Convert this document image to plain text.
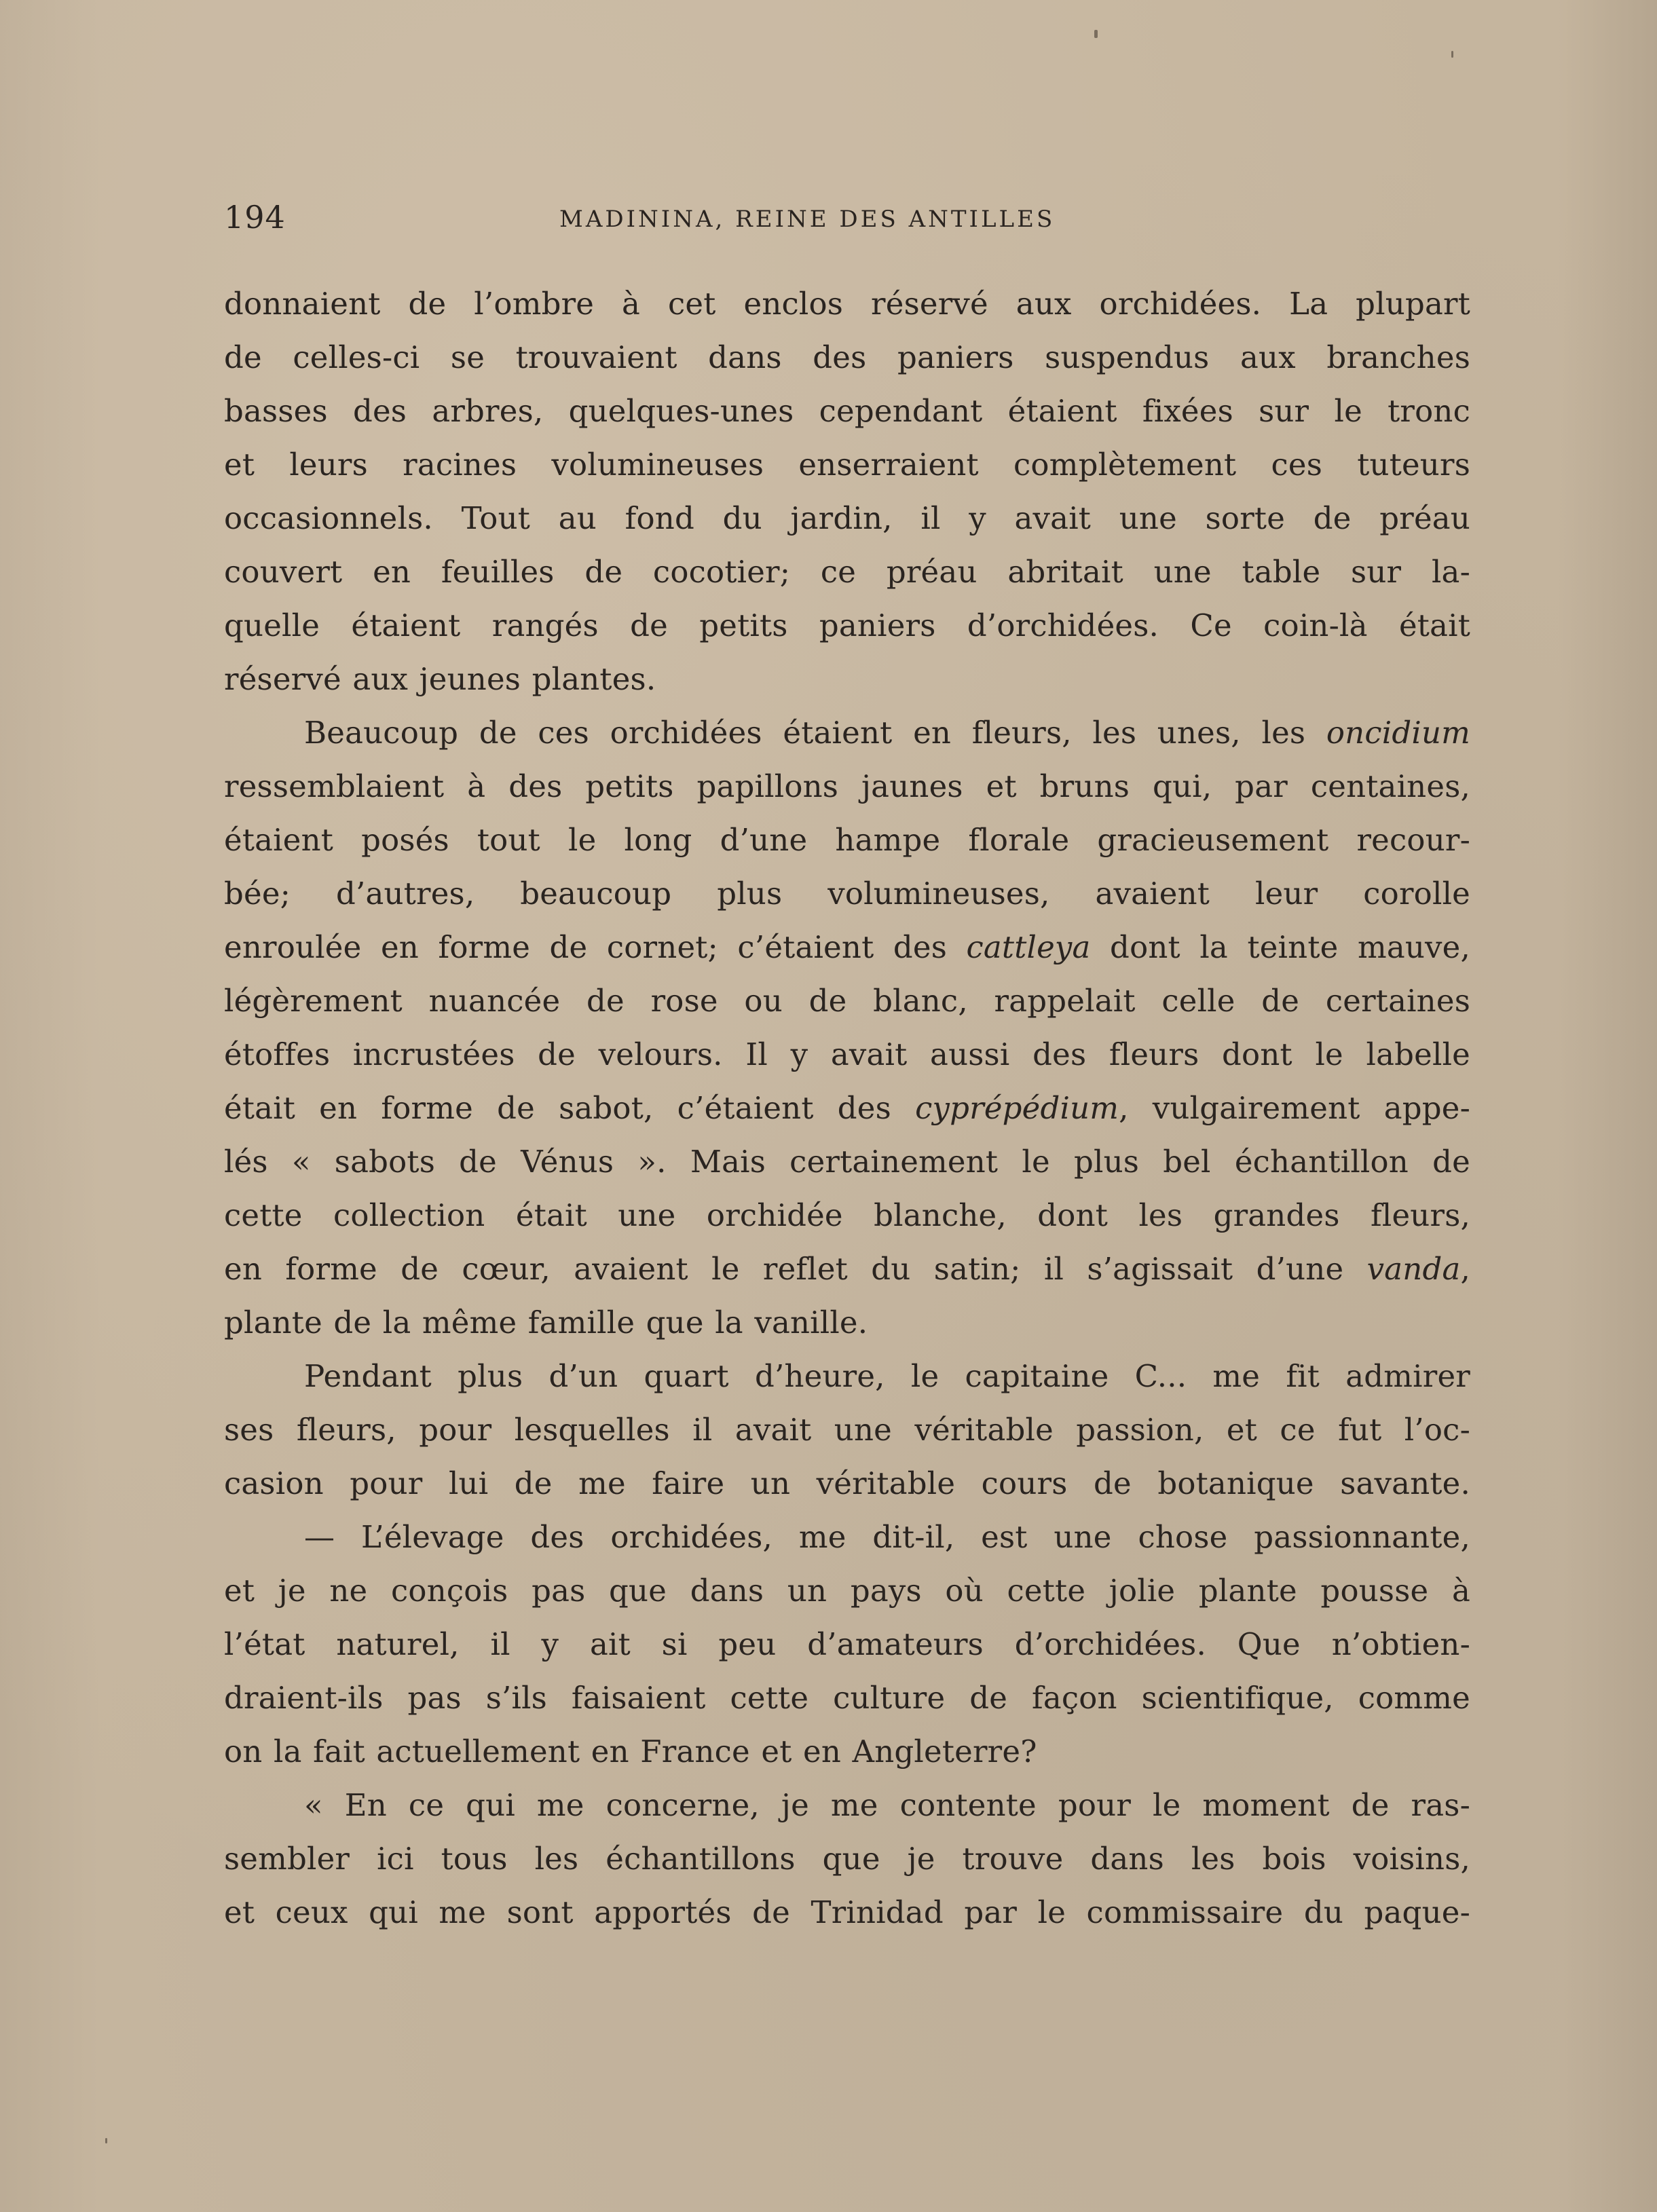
194	MADININA, REINE DES ANTILLES

donnaient de l’ombre à cet enclos réservé aux orchidées. La plupart
de celles-ci se trouvaient dans des paniers suspendus aux branches
basses des arbres, quelques-unes cependant étaient fixées sur le tronc
et leurs racines volumineuses enserraient complètement ces tuteurs
occasionnels. Tout au fond du jardin, il y avait une sorte de préau
couvert en feuilles de cocotier; ce préau abritait une table sur la-
quelle étaient rangés de petits paniers d’orchidées. Ce coin-là était
réservé aux jeunes plantes.
Beaucoup de ces orchidées étaient en fleurs, les unes, les oncidium
ressemblaient à des petits papillons jaunes et bruns qui, par centaines,
étaient posés tout le long d’une hampe florale gracieusement recour-
bée; d’autres, beaucoup plus volumineuses, avaient leur corolle
enroulée en forme de cornet; c’étaient des cattleya dont la teinte mauve,
légèrement nuancée de rose ou de blanc, rappelait celle de certaines
étoffes incrustées de velours. Il y avait aussi des fleurs dont le labelle
était en forme de sabot, c’étaient des cyprépédium, vulgairement appe-
lés « sabots de Vénus ». Mais certainement le plus bel échantillon de
cette collection était une orchidée blanche, dont les grandes fleurs,
en forme de cœur, avaient le reflet du satin; il s’agissait d’une vanda,
plante de la même famille que la vanille.
Pendant plus d’un quart d’heure, le capitaine C... me fit admirer
ses fleurs, pour lesquelles il avait une véritable passion, et ce fut l’oc-
casion pour lui de me faire un véritable cours de botanique savante.
— L’élevage des orchidées, me dit-il, est une chose passionnante,
et je ne conçois pas que dans un pays où cette jolie plante pousse à
l’état naturel, il y ait si peu d’amateurs d’orchidées. Que n’obtien-
draient-ils pas s’ils faisaient cette culture de façon scientifique, comme
on la fait actuellement en France et en Angleterre?
« En ce qui me concerne, je me contente pour le moment de ras-
sembler ici tous les échantillons que je trouve dans les bois voisins,
et ceux qui me sont apportés de Trinidad par le commissaire du paque-
